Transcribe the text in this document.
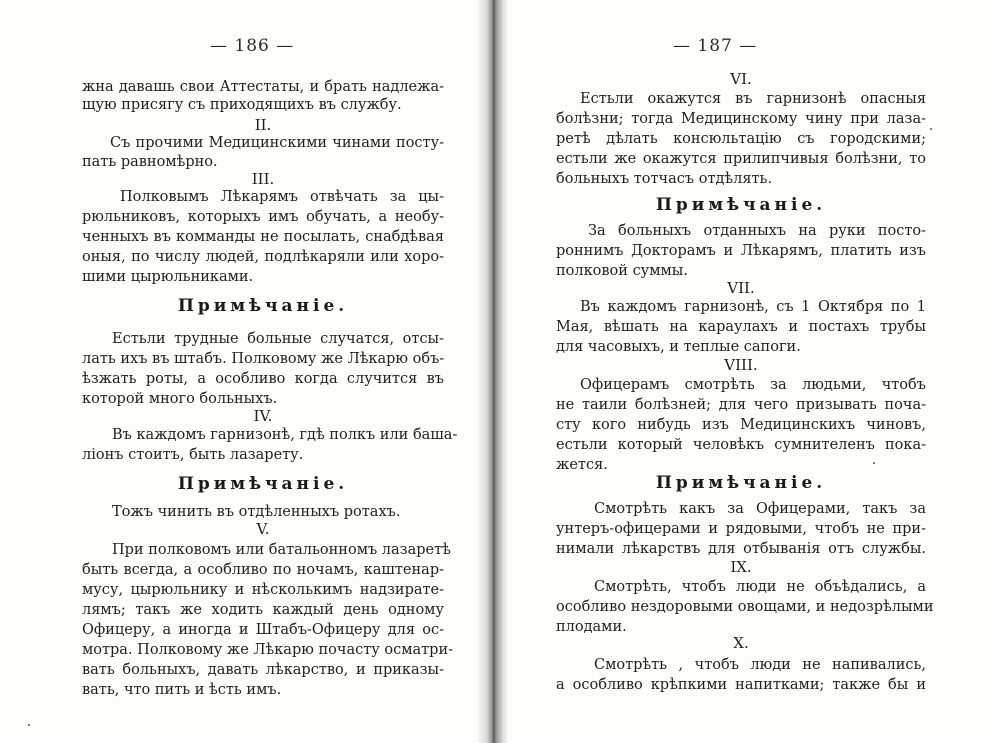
— 186 —
жна давашь свои Аттестаты, и брать надлежа-
щую присягу съ приходящихъ въ службу.
II.
Съ прочими Медицинскими чинами посту-
пать равномѣрно.
III.
Полковымъ Лѣкарямъ отвѣчать за цы-
рюльниковъ, которыхъ имъ обучать, а необу-
ченныхъ въ комманды не посылать, снабдѣвая
оныя, по числу людей, подлѣкаряли или хоро-
шими цырюльниками.
Примѣчаніе.
Естьли трудные больные случатся, отсы-
лать ихъ въ штабъ. Полковому же Лѣкарю объ-
ѣзжать роты, а особливо когда случится въ
которой много больныхъ.
IV.
Въ каждомъ гарнизонѣ, гдѣ полкъ или баша-
ліонъ стоитъ, быть лазарету.
Примѣчаніе.
Тожъ чинить въ отдѣленныхъ ротахъ.
V.
При полковомъ или батальонномъ лазаретѣ
быть всегда, а особливо по ночамъ, каштенар-
мусу, цырюльнику и нѣсколькимъ надзирате-
лямъ; такъ же ходить каждый день одному
Офицеру, а иногда и Штабъ-Офицеру для ос-
мотра. Полковому же Лѣкарю почасту осматри-
вать больныхъ, давать лѣкарство, и приказы-
вать, что пить и ѣсть имъ.
— 187 —
VI.
Естьли окажутся въ гарнизонѣ опасныя
болѣзни; тогда Медицинскому чину при лаза-
ретѣ дѣлать консюльтацію съ городскими;
естьли же окажутся прилипчивыя болѣзни, то
больныхъ тотчасъ отдѣлять.
Примѣчаніе.
За больныхъ отданныхъ на руки посто-
роннимъ Докторамъ и Лѣкарямъ, платить изъ
полковой суммы.
VII.
Въ каждомъ гарнизонѣ, съ 1 Октября по 1
Мая, вѣшать на караулахъ и постахъ трубы
для часовыхъ, и теплые сапоги.
VIII.
Офицерамъ смотрѣть за людьми, чтобъ
не таили болѣзней; для чего призывать поча-
сту кого нибудь изъ Медицинскихъ чиновъ,
естьли который человѣкъ сумнителенъ пока-
жется.
Примѣчаніе.
Смотрѣть какъ за Офицерами, такъ за
унтеръ-офицерами и рядовыми, чтобъ не при-
нимали лѣкарствъ для отбыванія отъ службы.
IX.
Смотрѣть, чтобъ люди не объѣдались, а
особливо нездоровыми овощами, и недозрѣлыми
плодами.
X.
Смотрѣть , чтобъ люди не напивались,
а особливо крѣпкими напитками; также бы и
